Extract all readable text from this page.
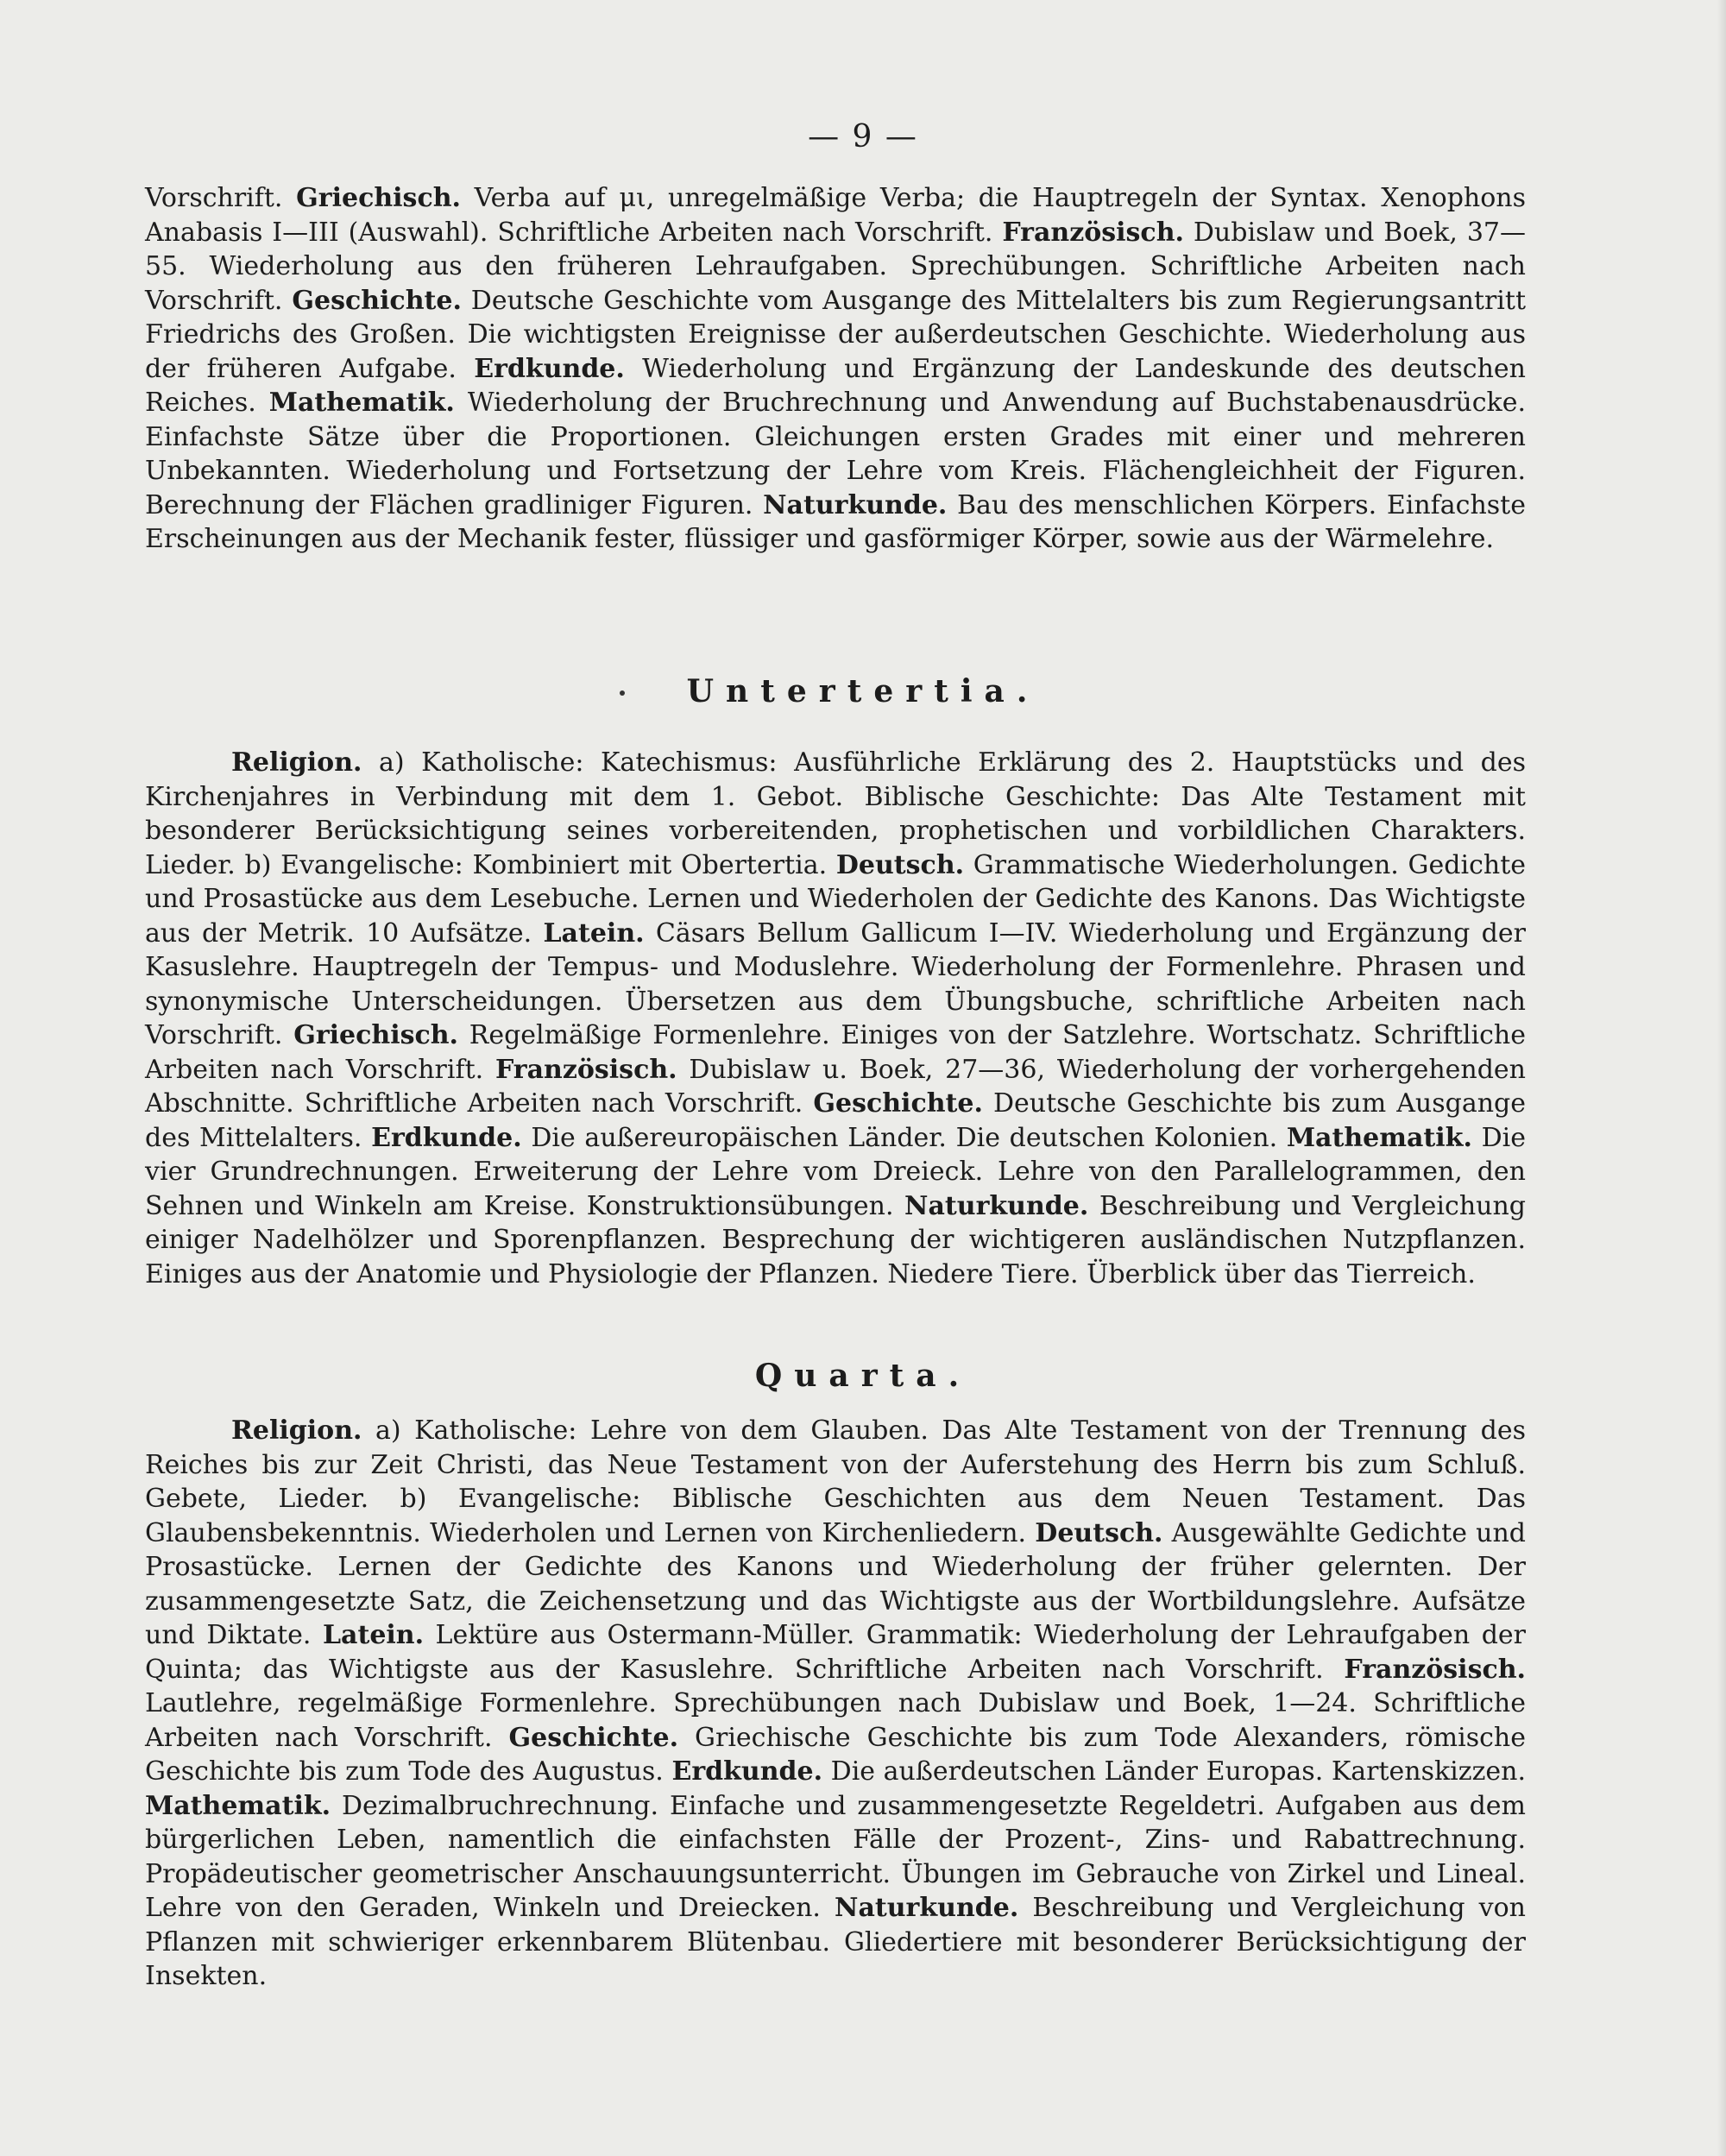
— 9 —

Vorschrift. Griechisch. Verba auf μι, unregelmäßige Verba; die Hauptregeln der Syntax. Xenophons Anabasis I—III (Auswahl). Schriftliche Arbeiten nach Vorschrift. Französisch. Dubislaw und Boek, 37—55. Wiederholung aus den früheren Lehraufgaben. Sprechübungen. Schriftliche Arbeiten nach Vorschrift. Geschichte. Deutsche Geschichte vom Ausgange des Mittelalters bis zum Regierungsantritt Friedrichs des Großen. Die wichtigsten Ereignisse der außerdeutschen Geschichte. Wiederholung aus der früheren Aufgabe. Erdkunde. Wiederholung und Ergänzung der Landeskunde des deutschen Reiches. Mathematik. Wiederholung der Bruchrechnung und Anwendung auf Buchstabenausdrücke. Einfachste Sätze über die Proportionen. Gleichungen ersten Grades mit einer und mehreren Unbekannten. Wiederholung und Fortsetzung der Lehre vom Kreis. Flächengleichheit der Figuren. Berechnung der Flächen gradliniger Figuren. Naturkunde. Bau des menschlichen Körpers. Einfachste Erscheinungen aus der Mechanik fester, flüssiger und gasförmiger Körper, sowie aus der Wärmelehre.

Untertertia.

Religion. a) Katholische: Katechismus: Ausführliche Erklärung des 2. Hauptstücks und des Kirchenjahres in Verbindung mit dem 1. Gebot. Biblische Geschichte: Das Alte Testament mit besonderer Berücksichtigung seines vorbereitenden, prophetischen und vorbildlichen Charakters. Lieder. b) Evangelische: Kombiniert mit Obertertia. Deutsch. Grammatische Wiederholungen. Gedichte und Prosastücke aus dem Lesebuche. Lernen und Wiederholen der Gedichte des Kanons. Das Wichtigste aus der Metrik. 10 Aufsätze. Latein. Cäsars Bellum Gallicum I—IV. Wiederholung und Ergänzung der Kasuslehre. Hauptregeln der Tempus- und Moduslehre. Wiederholung der Formenlehre. Phrasen und synonymische Unterscheidungen. Übersetzen aus dem Übungsbuche, schriftliche Arbeiten nach Vorschrift. Griechisch. Regelmäßige Formenlehre. Einiges von der Satzlehre. Wortschatz. Schriftliche Arbeiten nach Vorschrift. Französisch. Dubislaw u. Boek, 27—36, Wiederholung der vorhergehenden Abschnitte. Schriftliche Arbeiten nach Vorschrift. Geschichte. Deutsche Geschichte bis zum Ausgange des Mittelalters. Erdkunde. Die außereuropäischen Länder. Die deutschen Kolonien. Mathematik. Die vier Grundrechnungen. Erweiterung der Lehre vom Dreieck. Lehre von den Parallelogrammen, den Sehnen und Winkeln am Kreise. Konstruktionsübungen. Naturkunde. Beschreibung und Vergleichung einiger Nadelhölzer und Sporenpflanzen. Besprechung der wichtigeren ausländischen Nutzpflanzen. Einiges aus der Anatomie und Physiologie der Pflanzen. Niedere Tiere. Überblick über das Tierreich.

Quarta.

Religion. a) Katholische: Lehre von dem Glauben. Das Alte Testament von der Trennung des Reiches bis zur Zeit Christi, das Neue Testament von der Auferstehung des Herrn bis zum Schluß. Gebete, Lieder. b) Evangelische: Biblische Geschichten aus dem Neuen Testament. Das Glaubensbekenntnis. Wiederholen und Lernen von Kirchenliedern. Deutsch. Ausgewählte Gedichte und Prosastücke. Lernen der Gedichte des Kanons und Wiederholung der früher gelernten. Der zusammengesetzte Satz, die Zeichensetzung und das Wichtigste aus der Wortbildungslehre. Aufsätze und Diktate. Latein. Lektüre aus Ostermann-Müller. Grammatik: Wiederholung der Lehraufgaben der Quinta; das Wichtigste aus der Kasuslehre. Schriftliche Arbeiten nach Vorschrift. Französisch. Lautlehre, regelmäßige Formenlehre. Sprechübungen nach Dubislaw und Boek, 1—24. Schriftliche Arbeiten nach Vorschrift. Geschichte. Griechische Geschichte bis zum Tode Alexanders, römische Geschichte bis zum Tode des Augustus. Erdkunde. Die außerdeutschen Länder Europas. Kartenskizzen. Mathematik. Dezimalbruchrechnung. Einfache und zusammengesetzte Regeldetri. Aufgaben aus dem bürgerlichen Leben, namentlich die einfachsten Fälle der Prozent-, Zins- und Rabattrechnung. Propädeutischer geometrischer Anschauungsunterricht. Übungen im Gebrauche von Zirkel und Lineal. Lehre von den Geraden, Winkeln und Dreiecken. Naturkunde. Beschreibung und Vergleichung von Pflanzen mit schwieriger erkennbarem Blütenbau. Gliedertiere mit besonderer Berücksichtigung der Insekten.
